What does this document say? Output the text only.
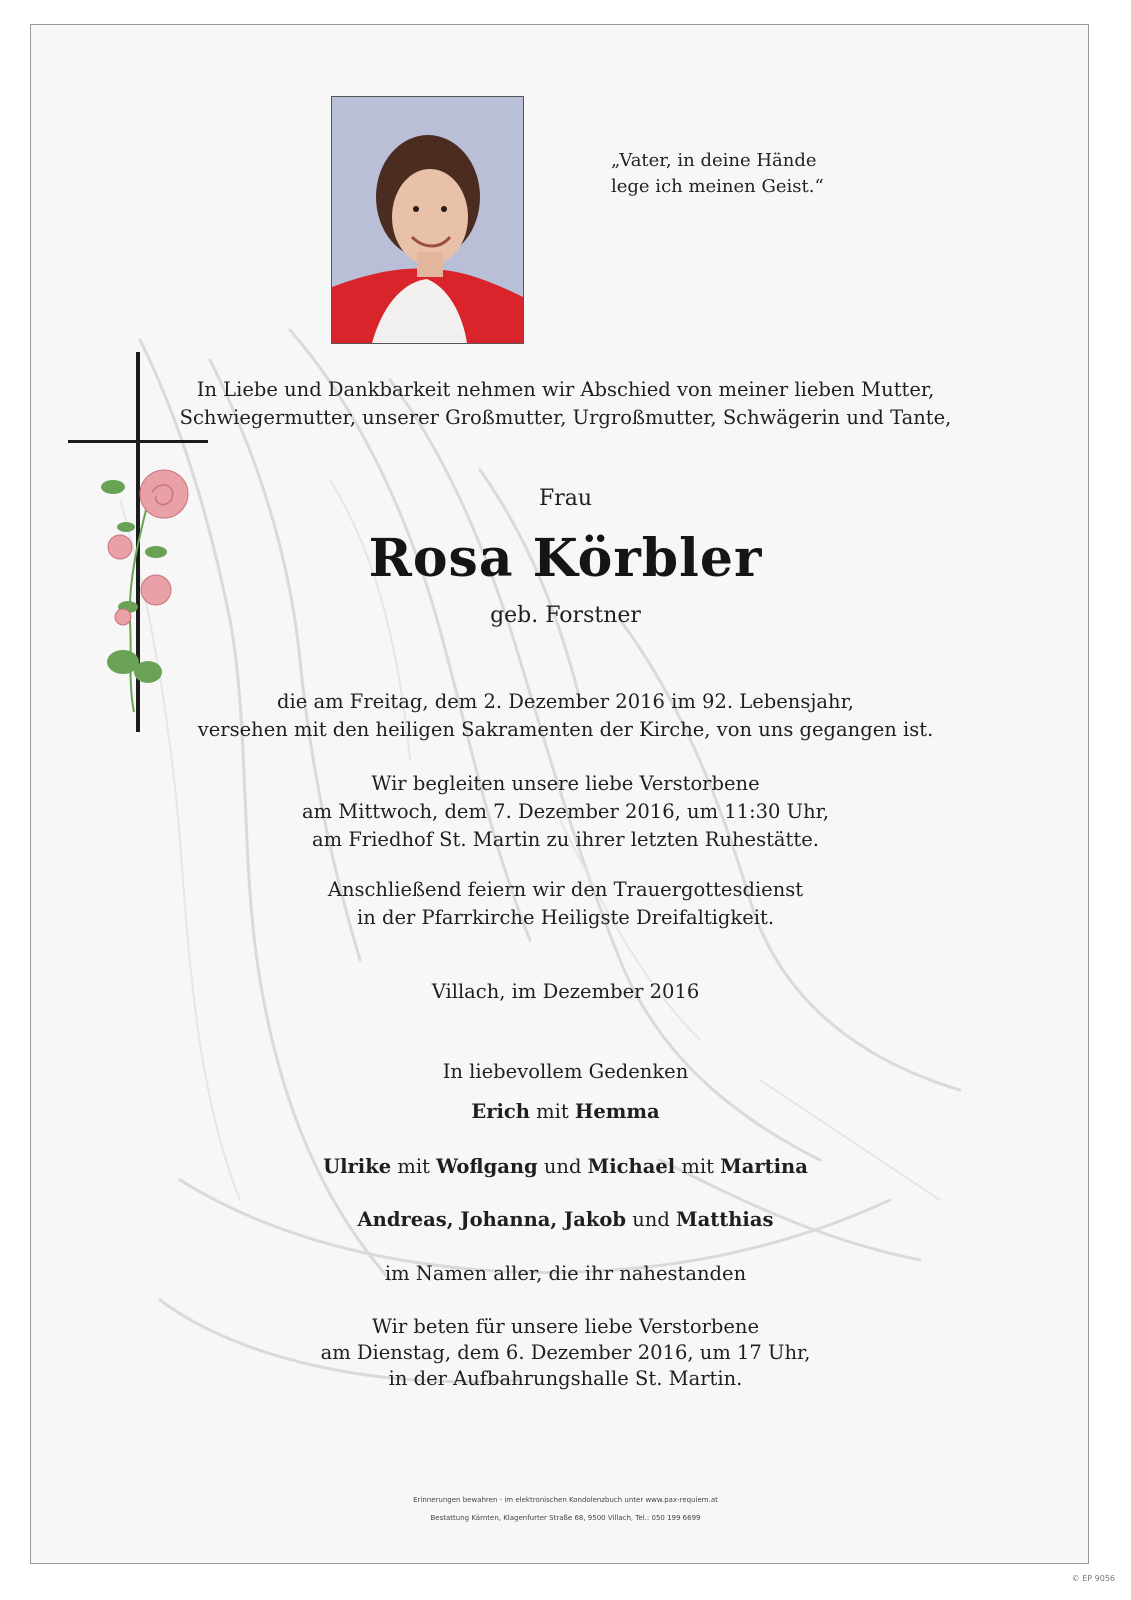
„Vater, in deine Hände
lege ich meinen Geist.“
In Liebe und Dankbarkeit nehmen wir Abschied von meiner lieben Mutter,
Schwiegermutter, unserer Großmutter, Urgroßmutter, Schwägerin und Tante,
Frau
Rosa Körbler
geb. Forstner
die am Freitag, dem 2. Dezember 2016 im 92. Lebensjahr,
versehen mit den heiligen Sakramenten der Kirche, von uns gegangen ist.
Wir begleiten unsere liebe Verstorbene
am Mittwoch, dem 7. Dezember 2016, um 11:30 Uhr,
am Friedhof St. Martin zu ihrer letzten Ruhestätte.
Anschließend feiern wir den Trauergottesdienst
in der Pfarrkirche Heiligste Dreifaltigkeit.
Villach, im Dezember 2016
In liebevollem Gedenken
Erich mit Hemma
Ulrike mit Woflgang und Michael mit Martina
Andreas, Johanna, Jakob und Matthias
im Namen aller, die ihr nahestanden
Wir beten für unsere liebe Verstorbene
am Dienstag, dem 6. Dezember 2016, um 17 Uhr,
in der Aufbahrungshalle St. Martin.
Erinnerungen bewahren - im elektronischen Kondolenzbuch unter www.pax-requiem.at
Bestattung Kärnten, Klagenfurter Straße 68, 9500 Villach, Tel.: 050 199 6699
© EP 9056
